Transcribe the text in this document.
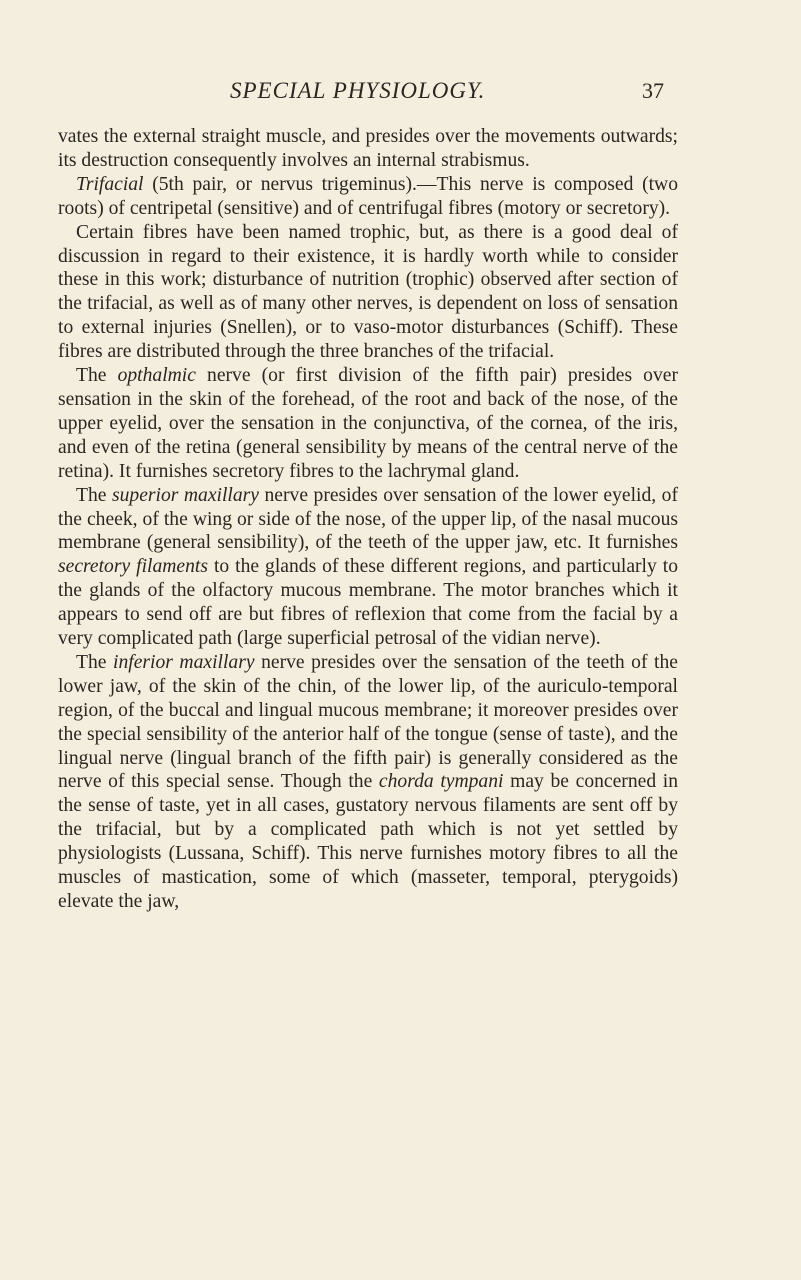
SPECIAL PHYSIOLOGY.	37

vates the external straight muscle, and presides over the movements outwards; its destruction consequently involves an internal strabismus.

Trifacial (5th pair, or nervus trigeminus).—This nerve is composed (two roots) of centripetal (sensitive) and of centrifugal fibres (motory or secretory).

Certain fibres have been named trophic, but, as there is a good deal of discussion in regard to their existence, it is hardly worth while to consider these in this work; disturbance of nutrition (trophic) observed after section of the trifacial, as well as of many other nerves, is dependent on loss of sensation to external injuries (Snellen), or to vaso-motor disturbances (Schiff). These fibres are distributed through the three branches of the trifacial.

The opthalmic nerve (or first division of the fifth pair) presides over sensation in the skin of the forehead, of the root and back of the nose, of the upper eyelid, over the sensation in the conjunctiva, of the cornea, of the iris, and even of the retina (general sensibility by means of the central nerve of the retina). It furnishes secretory fibres to the lachrymal gland.

The superior maxillary nerve presides over sensation of the lower eyelid, of the cheek, of the wing or side of the nose, of the upper lip, of the nasal mucous membrane (general sensibility), of the teeth of the upper jaw, etc. It furnishes secretory filaments to the glands of these different regions, and particularly to the glands of the olfactory mucous membrane. The motor branches which it appears to send off are but fibres of reflexion that come from the facial by a very complicated path (large superficial petrosal of the vidian nerve).

The inferior maxillary nerve presides over the sensation of the teeth of the lower jaw, of the skin of the chin, of the lower lip, of the auriculo-temporal region, of the buccal and lingual mucous membrane; it moreover presides over the special sensibility of the anterior half of the tongue (sense of taste), and the lingual nerve (lingual branch of the fifth pair) is generally considered as the nerve of this special sense. Though the chorda tympani may be concerned in the sense of taste, yet in all cases, gustatory nervous filaments are sent off by the trifacial, but by a complicated path which is not yet settled by physiologists (Lussana, Schiff). This nerve furnishes motory fibres to all the muscles of mastication, some of which (masseter, temporal, pterygoids) elevate the jaw,
